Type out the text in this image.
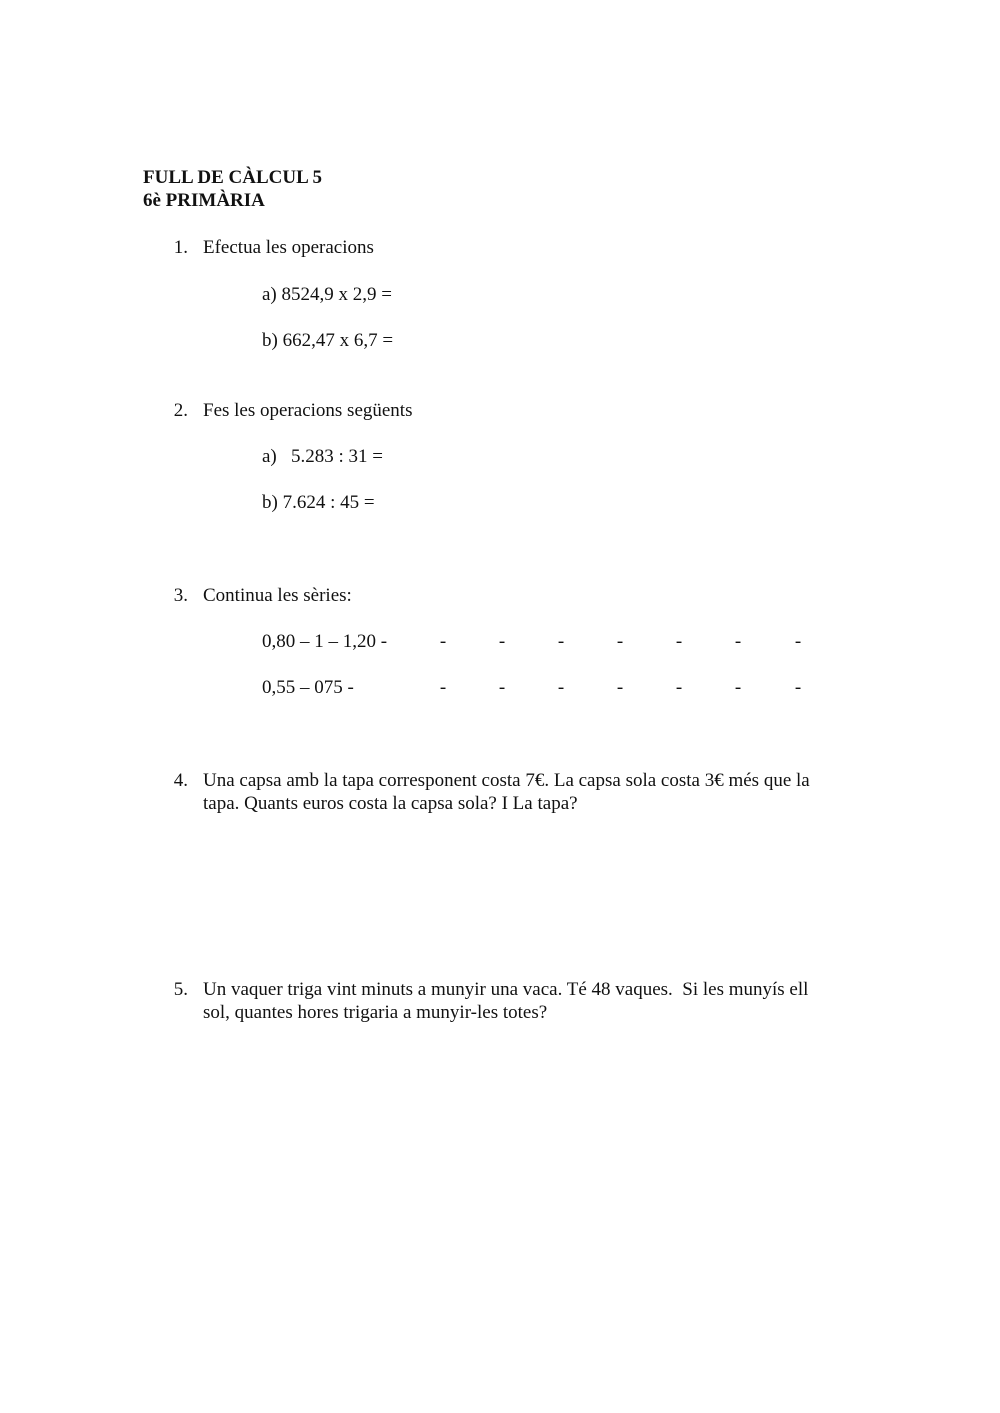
FULL DE CÀLCUL 5
6è PRIMÀRIA
1. Efectua les operacions
a) 8524,9 x 2,9 =
b) 662,47 x 6,7 =
2. Fes les operacions següents
a)   5.283 : 31 =
b) 7.624 : 45 =
3. Continua les sèries:
0,80 – 1 – 1,20 -	-	-	-	-	-	-	-
0,55 – 075 -	-	-	-	-	-	-	-
4. Una capsa amb la tapa corresponent costa 7€. La capsa sola costa 3€ més que la
tapa. Quants euros costa la capsa sola? I La tapa?
5. Un vaquer triga vint minuts a munyir una vaca. Té 48 vaques.  Si les munyís ell
sol, quantes hores trigaria a munyir-les totes?
